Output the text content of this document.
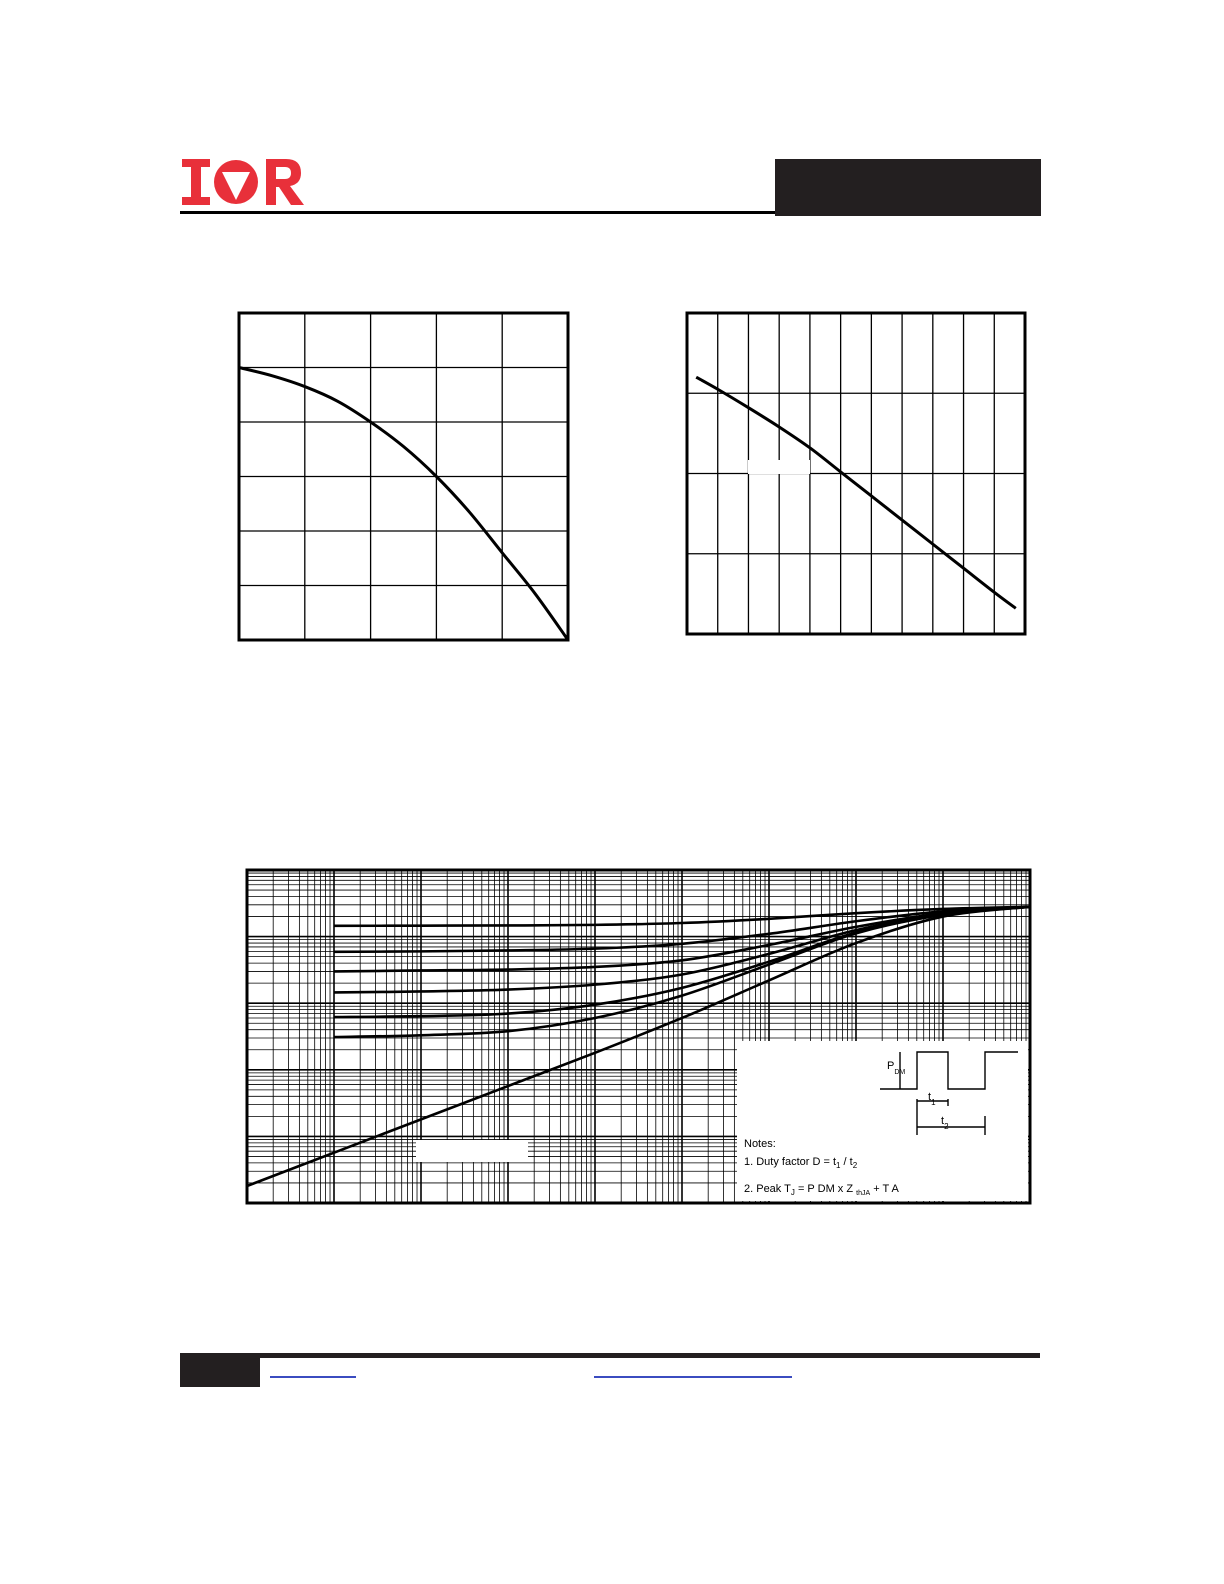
$P_{DM}$
$t_1$
$t_2$
Notes:
1. Duty factor $D = t_1 / t_2$
2. Peak $T_J = P$ DM x Z $_{thJA}$ + T A
